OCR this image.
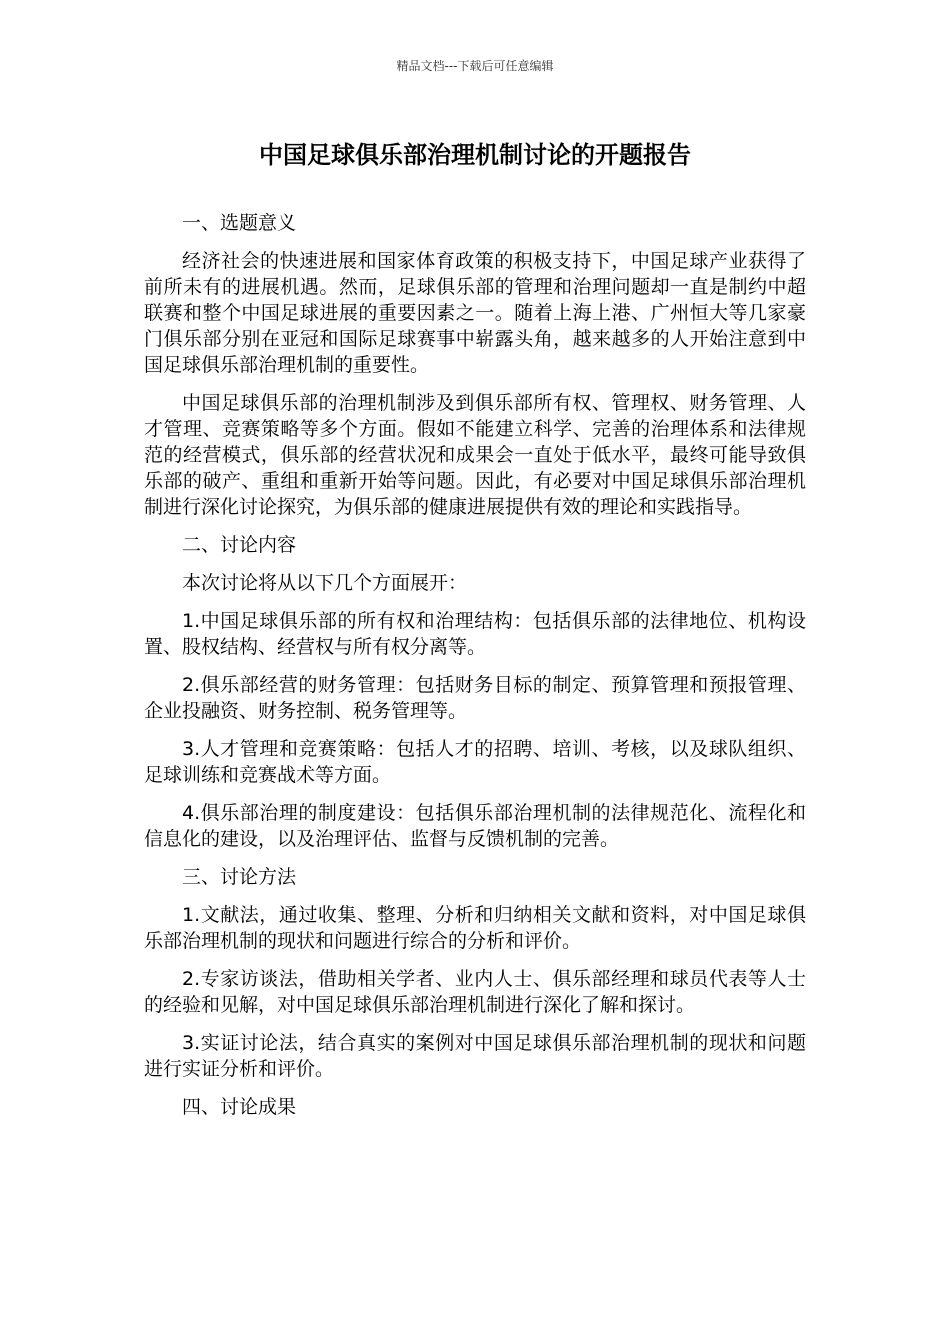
精品文档---下载后可任意编辑
中国足球俱乐部治理机制讨论的开题报告

一、选题意义

经济社会的快速进展和国家体育政策的积极支持下，中国足球产业获得了前所未有的进展机遇。然而，足球俱乐部的管理和治理问题却一直是制约中超联赛和整个中国足球进展的重要因素之一。随着上海上港、广州恒大等几家豪门俱乐部分别在亚冠和国际足球赛事中崭露头角，越来越多的人开始注意到中国足球俱乐部治理机制的重要性。

中国足球俱乐部的治理机制涉及到俱乐部所有权、管理权、财务管理、人才管理、竞赛策略等多个方面。假如不能建立科学、完善的治理体系和法律规范的经营模式，俱乐部的经营状况和成果会一直处于低水平，最终可能导致俱乐部的破产、重组和重新开始等问题。因此，有必要对中国足球俱乐部治理机制进行深化讨论探究，为俱乐部的健康进展提供有效的理论和实践指导。

二、讨论内容

本次讨论将从以下几个方面展开：

1.中国足球俱乐部的所有权和治理结构：包括俱乐部的法律地位、机构设置、股权结构、经营权与所有权分离等。

2.俱乐部经营的财务管理：包括财务目标的制定、预算管理和预报管理、企业投融资、财务控制、税务管理等。

3.人才管理和竞赛策略：包括人才的招聘、培训、考核，以及球队组织、足球训练和竞赛战术等方面。

4.俱乐部治理的制度建设：包括俱乐部治理机制的法律规范化、流程化和信息化的建设，以及治理评估、监督与反馈机制的完善。

三、讨论方法

1.文献法，通过收集、整理、分析和归纳相关文献和资料，对中国足球俱乐部治理机制的现状和问题进行综合的分析和评价。

2.专家访谈法，借助相关学者、业内人士、俱乐部经理和球员代表等人士的经验和见解，对中国足球俱乐部治理机制进行深化了解和探讨。

3.实证讨论法，结合真实的案例对中国足球俱乐部治理机制的现状和问题进行实证分析和评价。

四、讨论成果
